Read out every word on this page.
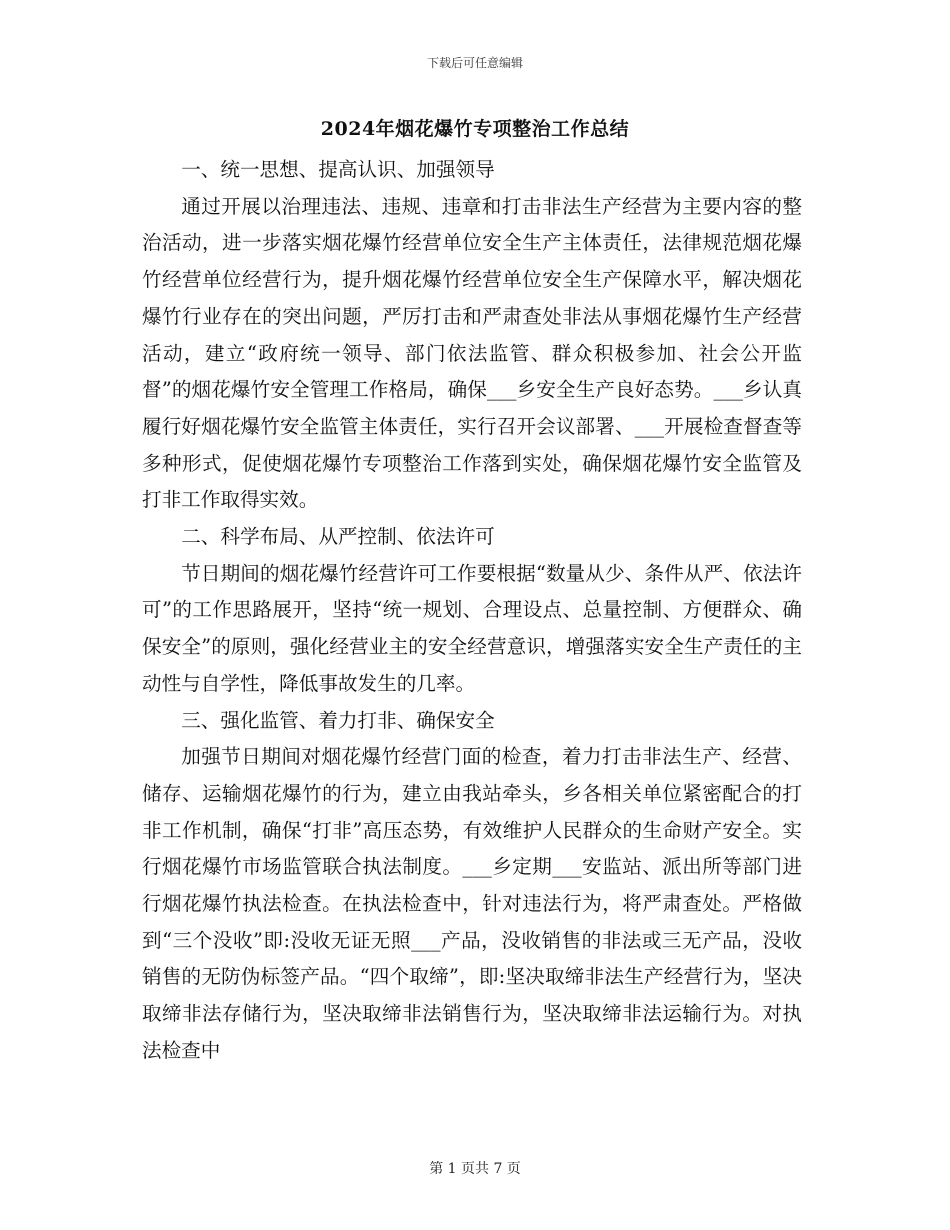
下载后可任意编辑
2024年烟花爆竹专项整治工作总结

一、统一思想、提高认识、加强领导

通过开展以治理违法、违规、违章和打击非法生产经营为主要内容的整治活动，进一步落实烟花爆竹经营单位安全生产主体责任，法律规范烟花爆竹经营单位经营行为，提升烟花爆竹经营单位安全生产保障水平，解决烟花爆竹行业存在的突出问题，严厉打击和严肃查处非法从事烟花爆竹生产经营活动，建立“政府统一领导、部门依法监管、群众积极参加、社会公开监督”的烟花爆竹安全管理工作格局，确保___乡安全生产良好态势。___乡认真履行好烟花爆竹安全监管主体责任，实行召开会议部署、___开展检查督查等多种形式，促使烟花爆竹专项整治工作落到实处，确保烟花爆竹安全监管及打非工作取得实效。

二、科学布局、从严控制、依法许可

节日期间的烟花爆竹经营许可工作要根据“数量从少、条件从严、依法许可”的工作思路展开，坚持“统一规划、合理设点、总量控制、方便群众、确保安全”的原则，强化经营业主的安全经营意识，增强落实安全生产责任的主动性与自学性，降低事故发生的几率。

三、强化监管、着力打非、确保安全

加强节日期间对烟花爆竹经营门面的检查，着力打击非法生产、经营、储存、运输烟花爆竹的行为，建立由我站牵头，乡各相关单位紧密配合的打非工作机制，确保“打非”高压态势，有效维护人民群众的生命财产安全。实行烟花爆竹市场监管联合执法制度。___乡定期___安监站、派出所等部门进行烟花爆竹执法检查。在执法检查中，针对违法行为，将严肃查处。严格做到“三个没收”即:没收无证无照___产品，没收销售的非法或三无产品，没收销售的无防伪标签产品。“四个取缔”，即:坚决取缔非法生产经营行为，坚决取缔非法存储行为，坚决取缔非法销售行为，坚决取缔非法运输行为。对执法检查中

第 1 页共 7 页
